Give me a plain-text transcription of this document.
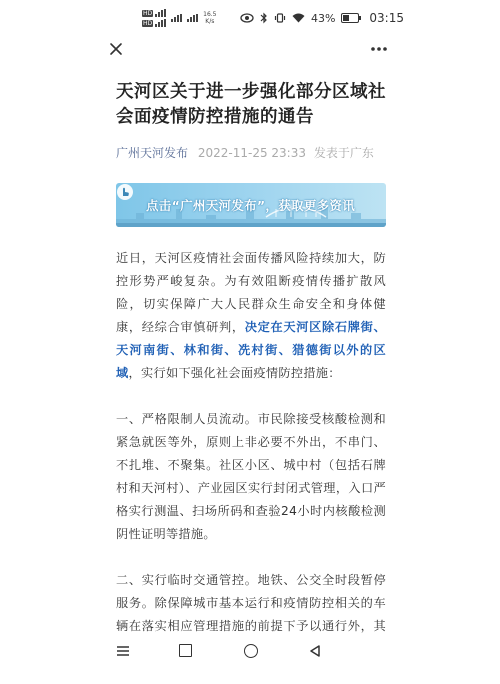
HD
HD
16.5
K/s	43%	03:15
天河区关于进一步强化部分区域社会面疫情防控措施的通告
广州天河发布 2022-11-25 23:33 发表于广东
点击“广州天河发布”，获取更多资讯

近日，天河区疫情社会面传播风险持续加大，防控形势严峻复杂。为有效阻断疫情传播扩散风险，切实保障广大人民群众生命安全和身体健康，经综合审慎研判，决定在天河区除石牌街、天河南街、林和街、冼村街、猎德街以外的区域，实行如下强化社会面疫情防控措施：

一、严格限制人员流动。市民除接受核酸检测和紧急就医等外，原则上非必要不外出，不串门、不扎堆、不聚集。社区小区、城中村（包括石牌村和天河村）、产业园区实行封闭式管理，入口严格实行测温、扫场所码和查验24小时内核酸检测阴性证明等措施。

二、实行临时交通管控。地铁、公交全时段暂停服务。除保障城市基本运行和疫情防控相关的车辆在落实相应管理措施的前提下予以通行外，其
